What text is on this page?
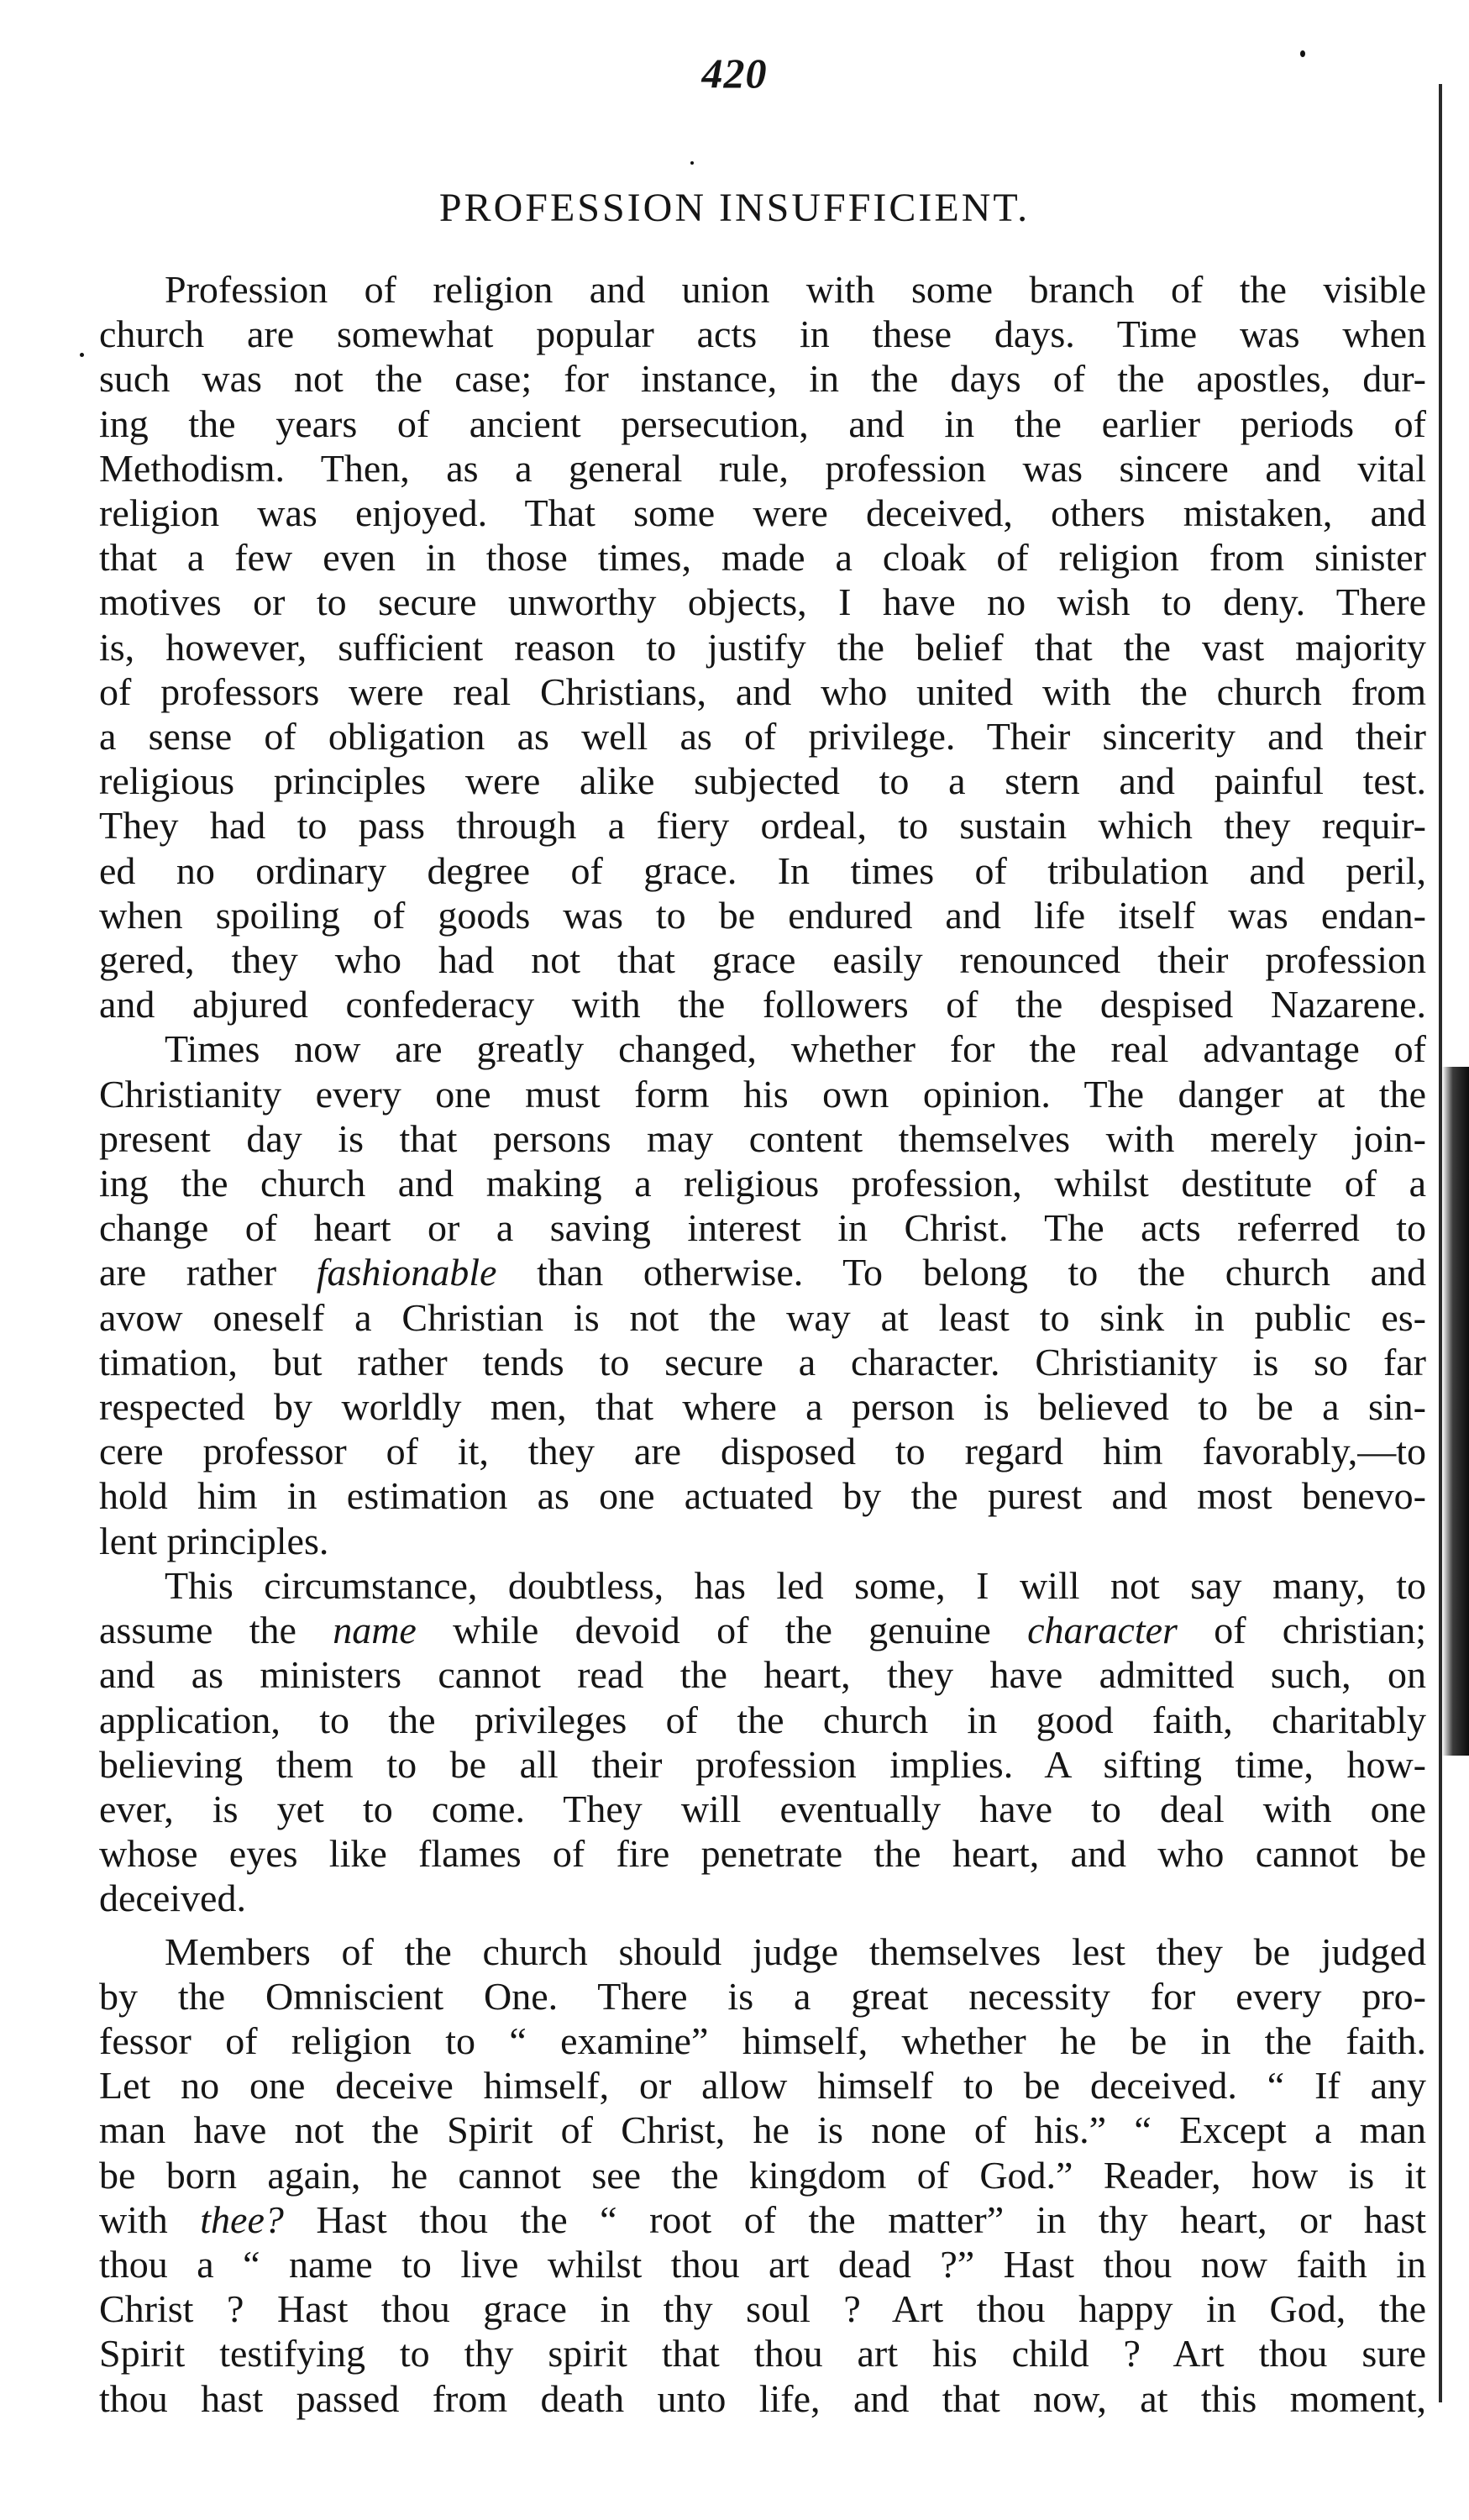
420
PROFESSION INSUFFICIENT.
Profession of religion and union with some branch of the visible
church are somewhat popular acts in these days. Time was when
such was not the case; for instance, in the days of the apostles, dur-
ing the years of ancient persecution, and in the earlier periods of
Methodism. Then, as a general rule, profession was sincere and vital
religion was enjoyed. That some were deceived, others mistaken, and
that a few even in those times, made a cloak of religion from sinister
motives or to secure unworthy objects, I have no wish to deny. There
is, however, sufficient reason to justify the belief that the vast majority
of professors were real Christians, and who united with the church from
a sense of obligation as well as of privilege. Their sincerity and their
religious principles were alike subjected to a stern and painful test.
They had to pass through a fiery ordeal, to sustain which they requir-
ed no ordinary degree of grace. In times of tribulation and peril,
when spoiling of goods was to be endured and life itself was endan-
gered, they who had not that grace easily renounced their profession
and abjured confederacy with the followers of the despised Nazarene.
Times now are greatly changed, whether for the real advantage of
Christianity every one must form his own opinion. The danger at the
present day is that persons may content themselves with merely join-
ing the church and making a religious profession, whilst destitute of a
change of heart or a saving interest in Christ. The acts referred to
are rather fashionable than otherwise. To belong to the church and
avow oneself a Christian is not the way at least to sink in public es-
timation, but rather tends to secure a character. Christianity is so far
respected by worldly men, that where a person is believed to be a sin-
cere professor of it, they are disposed to regard him favorably,—to
hold him in estimation as one actuated by the purest and most benevo-
lent principles.
This circumstance, doubtless, has led some, I will not say many, to
assume the name while devoid of the genuine character of christian;
and as ministers cannot read the heart, they have admitted such, on
application, to the privileges of the church in good faith, charitably
believing them to be all their profession implies. A sifting time, how-
ever, is yet to come. They will eventually have to deal with one
whose eyes like flames of fire penetrate the heart, and who cannot be
deceived.
Members of the church should judge themselves lest they be judged
by the Omniscient One. There is a great necessity for every pro-
fessor of religion to “ examine” himself, whether he be in the faith.
Let no one deceive himself, or allow himself to be deceived. “ If any
man have not the Spirit of Christ, he is none of his.” “ Except a man
be born again, he cannot see the kingdom of God.” Reader, how is it
with thee? Hast thou the “ root of the matter” in thy heart, or hast
thou a “ name to live whilst thou art dead ?” Hast thou now faith in
Christ ? Hast thou grace in thy soul ? Art thou happy in God, the
Spirit testifying to thy spirit that thou art his child ? Art thou sure
thou hast passed from death unto life, and that now, at this moment,
